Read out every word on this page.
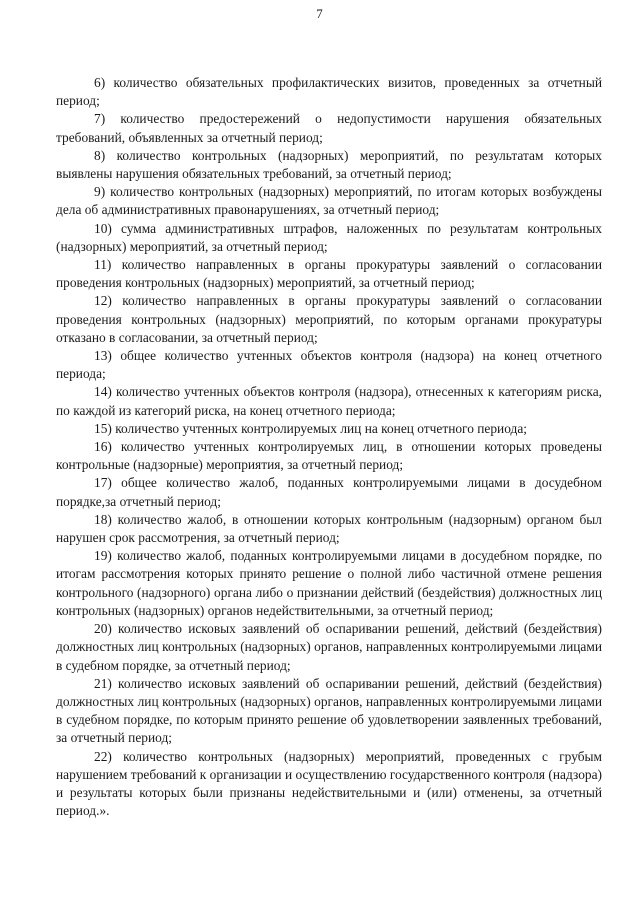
7

6) количество обязательных профилактических визитов, проведенных за отчетный период;

7) количество предостережений о недопустимости нарушения обязательных требований, объявленных за отчетный период;

8) количество контрольных (надзорных) мероприятий, по результатам которых выявлены нарушения обязательных требований, за отчетный период;

9) количество контрольных (надзорных) мероприятий, по итогам которых возбуждены дела об административных правонарушениях, за отчетный период;

10) сумма административных штрафов, наложенных по результатам контрольных (надзорных) мероприятий, за отчетный период;

11) количество направленных в органы прокуратуры заявлений о согласовании проведения контрольных (надзорных) мероприятий, за отчетный период;

12) количество направленных в органы прокуратуры заявлений о согласовании проведения контрольных (надзорных) мероприятий, по которым органами прокуратуры отказано в согласовании, за отчетный период;

13) общее количество учтенных объектов контроля (надзора) на конец отчетного периода;

14) количество учтенных объектов контроля (надзора), отнесенных к категориям риска, по каждой из категорий риска, на конец отчетного периода;

15) количество учтенных контролируемых лиц на конец отчетного периода;

16) количество учтенных контролируемых лиц, в отношении которых проведены контрольные (надзорные) мероприятия, за отчетный период;

17) общее количество жалоб, поданных контролируемыми лицами в досудебном порядке,за отчетный период;

18) количество жалоб, в отношении которых контрольным (надзорным) органом был нарушен срок рассмотрения, за отчетный период;

19) количество жалоб, поданных контролируемыми лицами в досудебном порядке, по итогам рассмотрения которых принято решение о полной либо частичной отмене решения контрольного (надзорного) органа либо о признании действий (бездействия) должностных лиц контрольных (надзорных) органов недействительными, за отчетный период;

20) количество исковых заявлений об оспаривании решений, действий (бездействия) должностных лиц контрольных (надзорных) органов, направленных контролируемыми лицами в судебном порядке, за отчетный период;

21) количество исковых заявлений об оспаривании решений, действий (бездействия) должностных лиц контрольных (надзорных) органов, направленных контролируемыми лицами в судебном порядке, по которым принято решение об удовлетворении заявленных требований, за отчетный период;

22) количество контрольных (надзорных) мероприятий, проведенных с грубым нарушением требований к организации и осуществлению государственного контроля (надзора) и результаты которых были признаны недействительными и (или) отменены, за отчетный период.».
